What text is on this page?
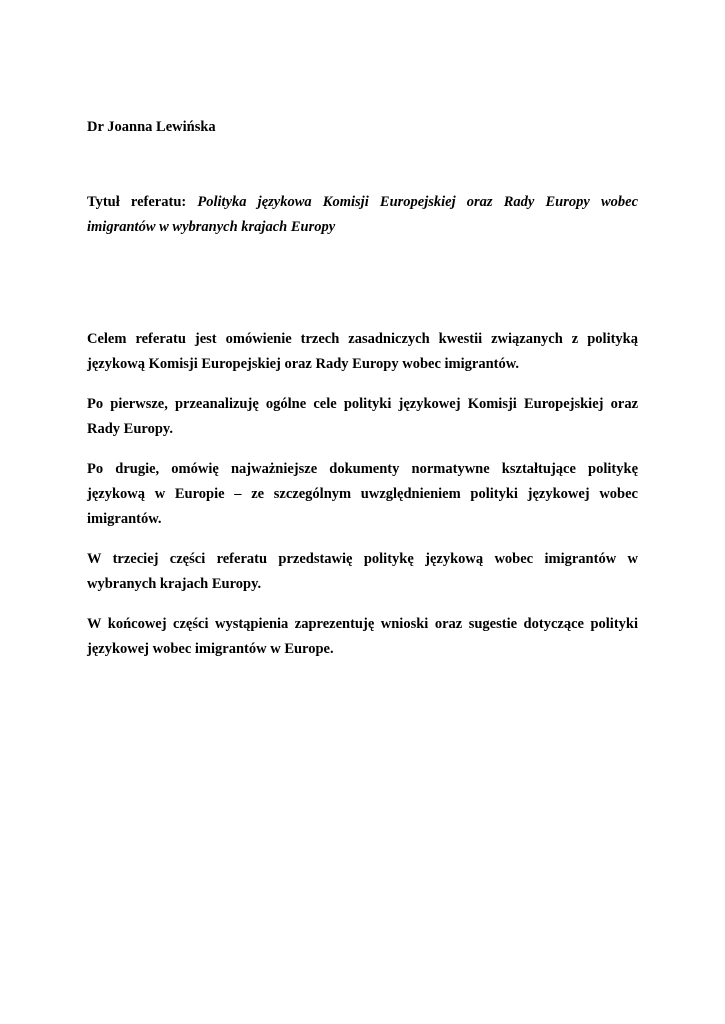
Dr Joanna Lewińska

Tytuł referatu: Polityka językowa Komisji Europejskiej oraz Rady Europy wobec imigrantów w wybranych krajach Europy

Celem referatu jest omówienie trzech zasadniczych kwestii związanych z polityką językową Komisji Europejskiej oraz Rady Europy wobec imigrantów.

Po pierwsze, przeanalizuję ogólne cele polityki językowej Komisji Europejskiej oraz Rady Europy.

Po drugie, omówię najważniejsze dokumenty normatywne kształtujące politykę językową w Europie – ze szczególnym uwzględnieniem polityki językowej wobec imigrantów.

W trzeciej części referatu przedstawię politykę językową wobec imigrantów w wybranych krajach Europy.

W końcowej części wystąpienia zaprezentuję wnioski oraz sugestie dotyczące polityki językowej wobec imigrantów w Europe.
